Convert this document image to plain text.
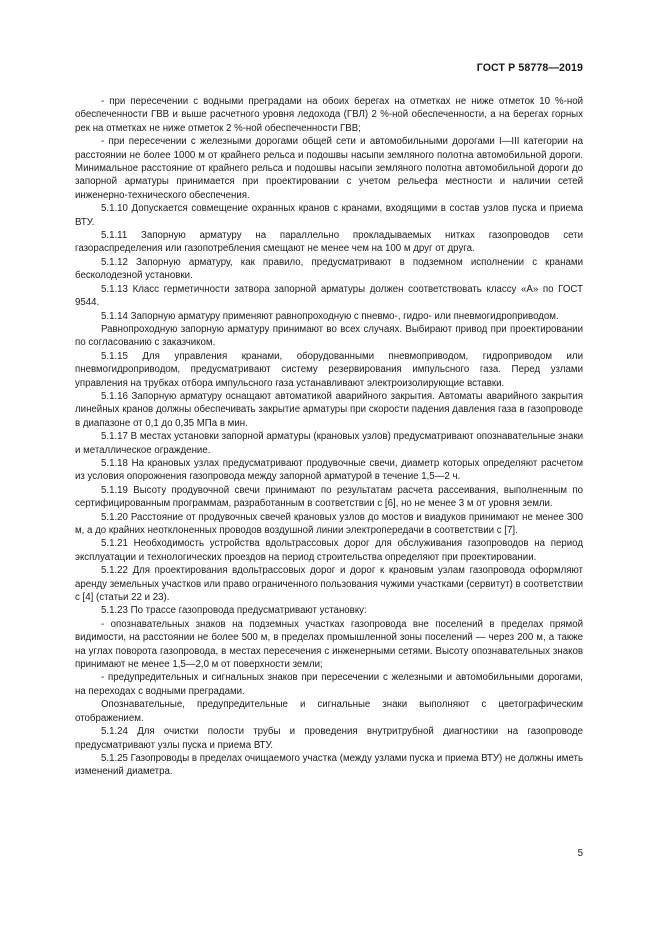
ГОСТ Р 58778—2019

- при пересечении с водными преградами на обоих берегах на отметках не ниже отметок 10 %-ной обеспеченности ГВВ и выше расчетного уровня ледохода (ГВЛ) 2 %-ной обеспеченности, а на берегах горных рек на отметках не ниже отметок 2 %-ной обеспеченности ГВВ;

- при пересечении с железными дорогами общей сети и автомобильными дорогами I—III категории на расстоянии не более 1000 м от крайнего рельса и подошвы насыпи земляного полотна автомобильной дороги. Минимальное расстояние от крайнего рельса и подошвы насыпи земляного полотна автомобильной дороги до запорной арматуры принимается при проектировании с учетом рельефа местности и наличии сетей инженерно-технического обеспечения.

5.1.10 Допускается совмещение охранных кранов с кранами, входящими в состав узлов пуска и приема ВТУ.

5.1.11 Запорную арматуру на параллельно прокладываемых нитках газопроводов сети газораспределения или газопотребления смещают не менее чем на 100 м друг от друга.

5.1.12 Запорную арматуру, как правило, предусматривают в подземном исполнении с кранами бесколодезной установки.

5.1.13 Класс герметичности затвора запорной арматуры должен соответствовать классу «А» по ГОСТ 9544.

5.1.14 Запорную арматуру применяют равнопроходную с пневмо-, гидро- или пневмогидроприводом.

Равнопроходную запорную арматуру принимают во всех случаях. Выбирают привод при проектировании по согласованию с заказчиком.

5.1.15 Для управления кранами, оборудованными пневмоприводом, гидроприводом или пневмогидроприводом, предусматривают систему резервирования импульсного газа. Перед узлами управления на трубках отбора импульсного газа устанавливают электроизолирующие вставки.

5.1.16 Запорную арматуру оснащают автоматикой аварийного закрытия. Автоматы аварийного закрытия линейных кранов должны обеспечивать закрытие арматуры при скорости падения давления газа в газопроводе в диапазоне от 0,1 до 0,35 МПа в мин.

5.1.17 В местах установки запорной арматуры (крановых узлов) предусматривают опознавательные знаки и металлическое ограждение.

5.1.18 На крановых узлах предусматривают продувочные свечи, диаметр которых определяют расчетом из условия опорожнения газопровода между запорной арматурой в течение 1,5—2 ч.

5.1.19 Высоту продувочной свечи принимают по результатам расчета рассеивания, выполненным по сертифицированным программам, разработанным в соответствии с [6], но не менее 3 м от уровня земли.

5.1.20 Расстояние от продувочных свечей крановых узлов до мостов и виадуков принимают не менее 300 м, а до крайних неотклоненных проводов воздушной линии электропередачи в соответствии с [7].

5.1.21 Необходимость устройства вдольтрассовых дорог для обслуживания газопроводов на период эксплуатации и технологических проездов на период строительства определяют при проектировании.

5.1.22 Для проектирования вдольтрассовых дорог и дорог к крановым узлам газопровода оформляют аренду земельных участков или право ограниченного пользования чужими участками (сервитут) в соответствии с [4] (статьи 22 и 23).

5.1.23 По трассе газопровода предусматривают установку:

- опознавательных знаков на подземных участках газопровода вне поселений в пределах прямой видимости, на расстоянии не более 500 м, в пределах промышленной зоны поселений — через 200 м, а также на углах поворота газопровода, в местах пересечения с инженерными сетями. Высоту опознавательных знаков принимают не менее 1,5—2,0 м от поверхности земли;

- предупредительных и сигнальных знаков при пересечении с железными и автомобильными дорогами, на переходах с водными преградами.

Опознавательные, предупредительные и сигнальные знаки выполняют с цветографическим отображением.

5.1.24 Для очистки полости трубы и проведения внутритрубной диагностики на газопроводе предусматривают узлы пуска и приема ВТУ.

5.1.25 Газопроводы в пределах очищаемого участка (между узлами пуска и приема ВТУ) не должны иметь изменений диаметра.

5
